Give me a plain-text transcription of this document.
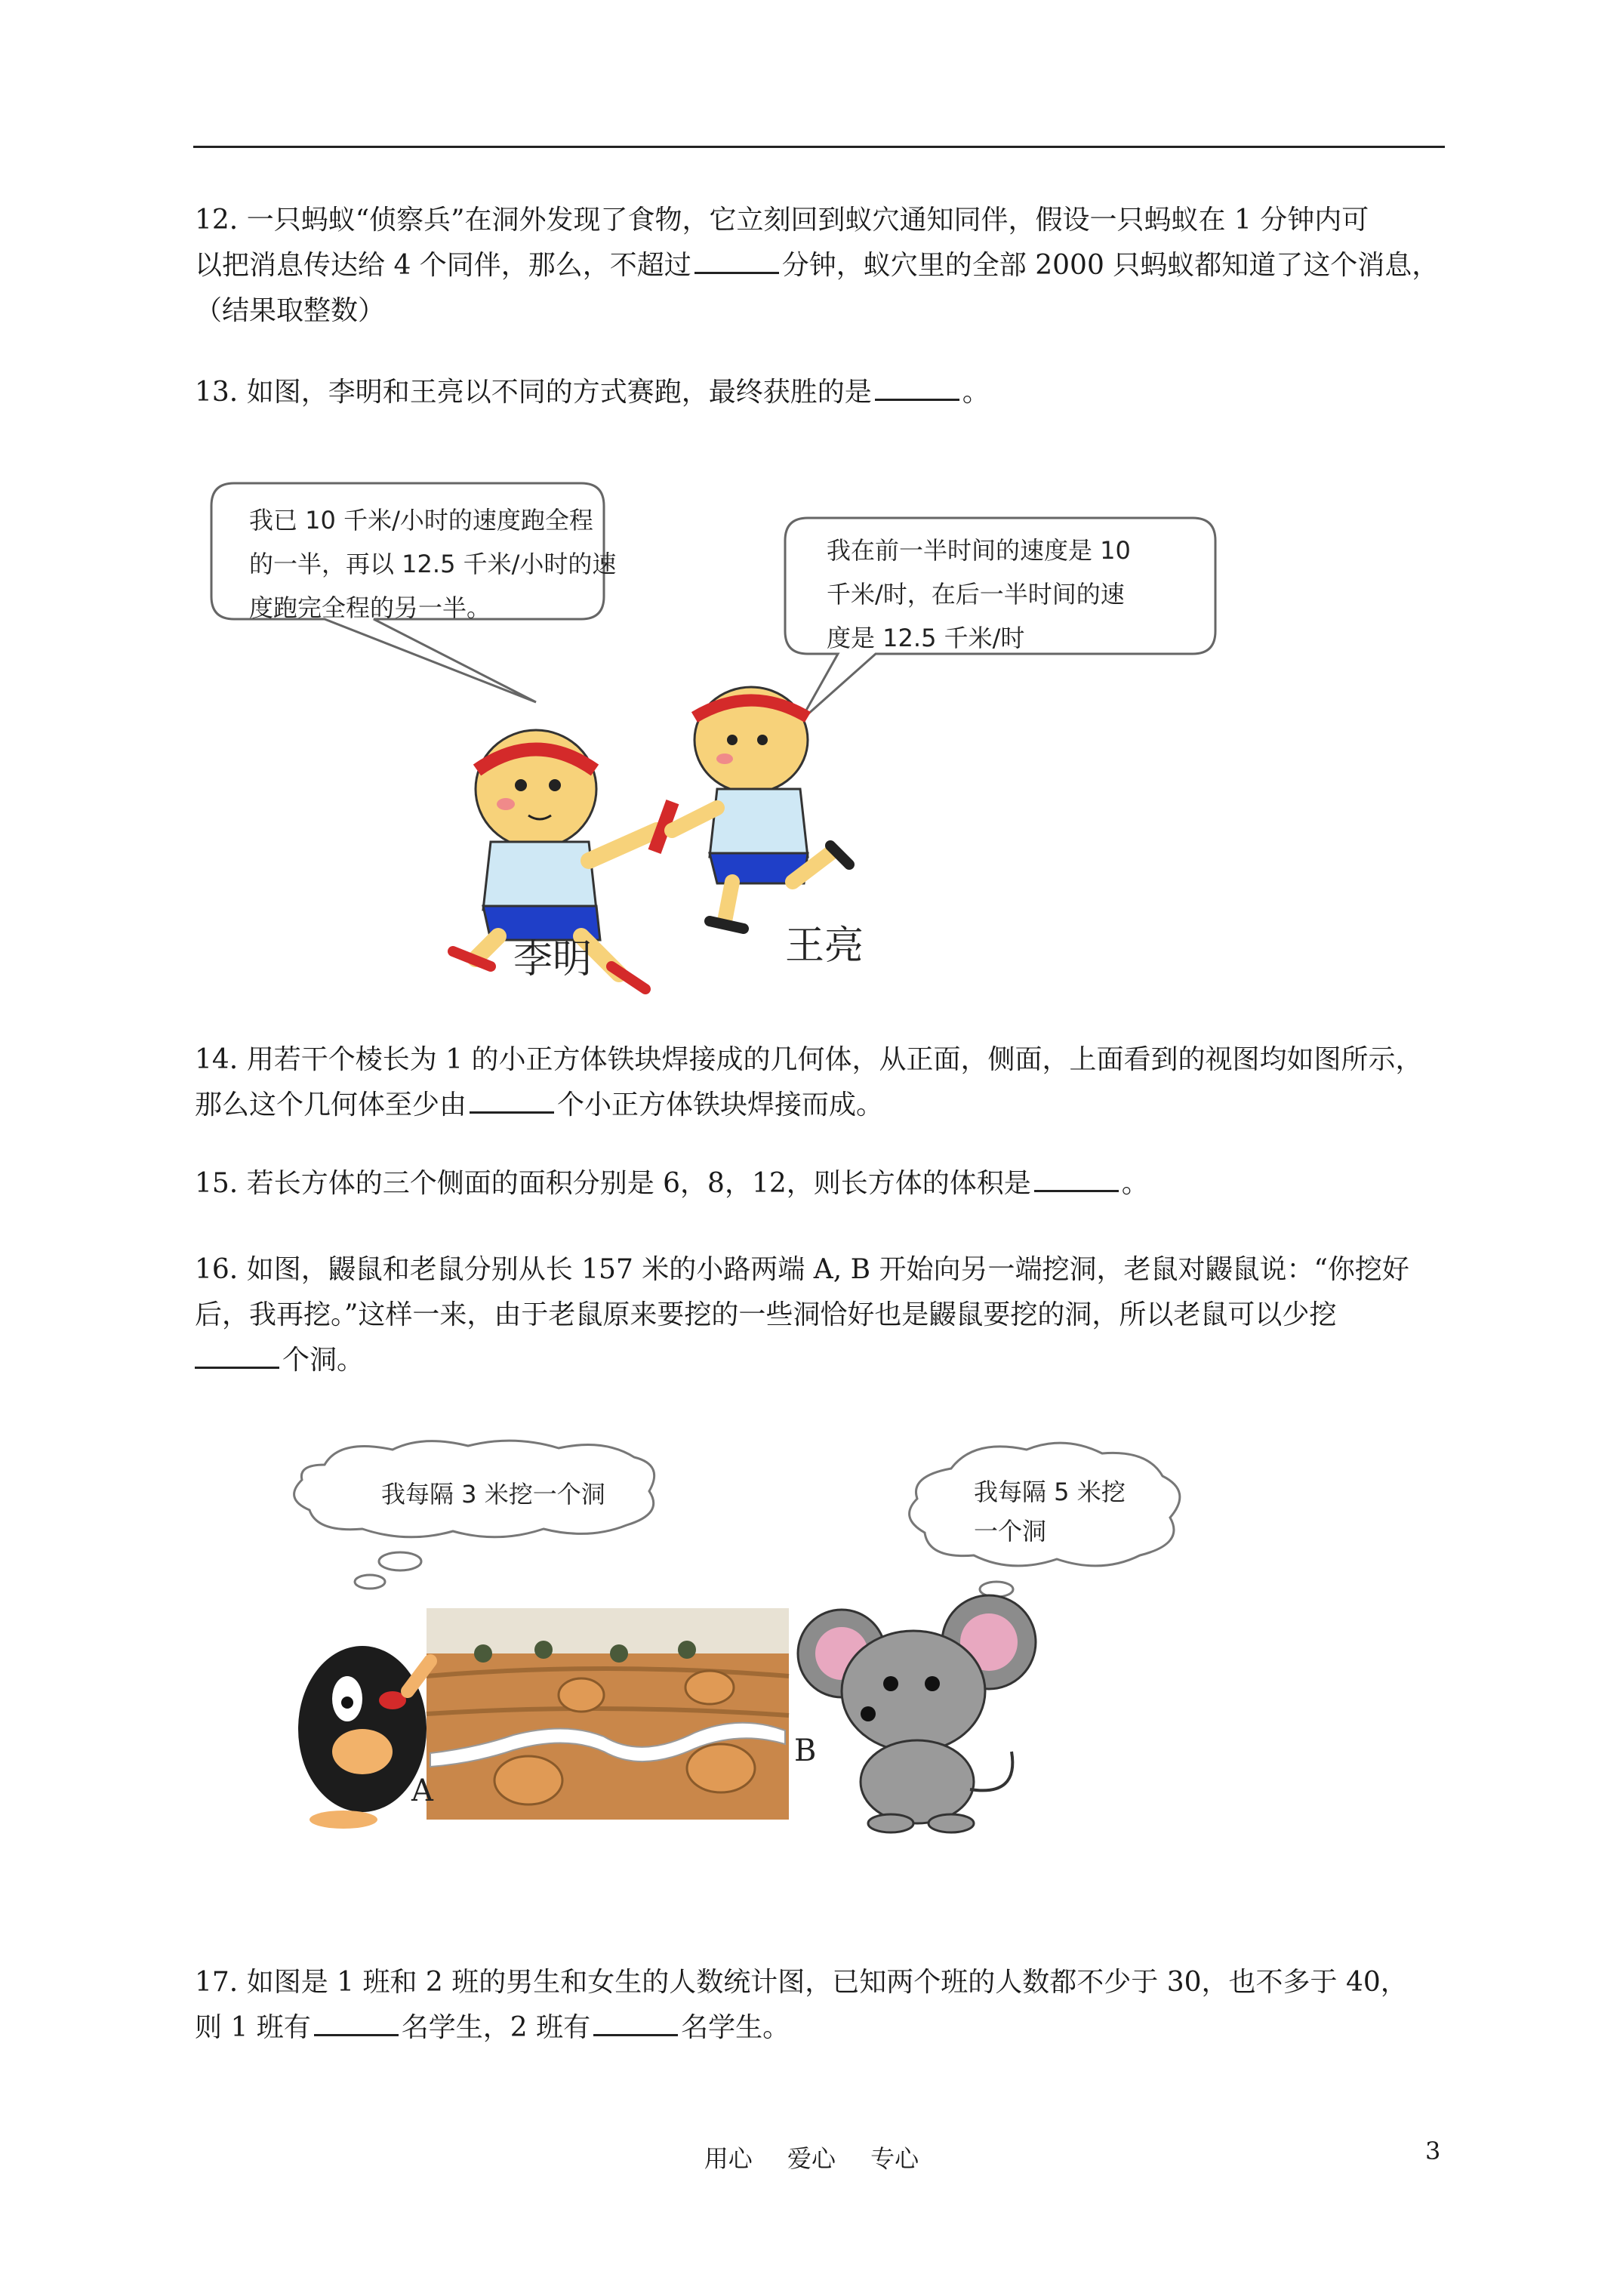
12. 一只蚂蚁“侦察兵”在洞外发现了食物，它立刻回到蚁穴通知同伴，假设一只蚂蚁在 1 分钟内可
以把消息传达给 4 个同伴，那么，不超过	分钟，蚁穴里的全部 2000 只蚂蚁都知道了这个消息，
（结果取整数）
13. 如图，李明和王亮以不同的方式赛跑，最终获胜的是	。
李明	王亮
我已 10 千米/小时的速度跑全程
的一半，再以 12.5 千米/小时的速
度跑完全程的另一半。
我在前一半时间的速度是 10
千米/时，在后一半时间的速
度是 12.5 千米/时
14. 用若干个棱长为 1 的小正方体铁块焊接成的几何体，从正面，侧面，上面看到的视图均如图所示，
那么这个几何体至少由	个小正方体铁块焊接而成。
15. 若长方体的三个侧面的面积分别是 6，8，12，则长方体的体积是	。
16. 如图，鼹鼠和老鼠分别从长 157 米的小路两端 A, B 开始向另一端挖洞，老鼠对鼹鼠说：“你挖好
后，我再挖。”这样一来，由于老鼠原来要挖的一些洞恰好也是鼹鼠要挖的洞，所以老鼠可以少挖
个洞。
A
B
我每隔 3 米挖一个洞	我每隔 5 米挖
一个洞
17. 如图是 1 班和 2 班的男生和女生的人数统计图，已知两个班的人数都不少于 30，也不多于 40，
则 1 班有	名学生，2 班有	名学生。
用心 爱心 专心	3
